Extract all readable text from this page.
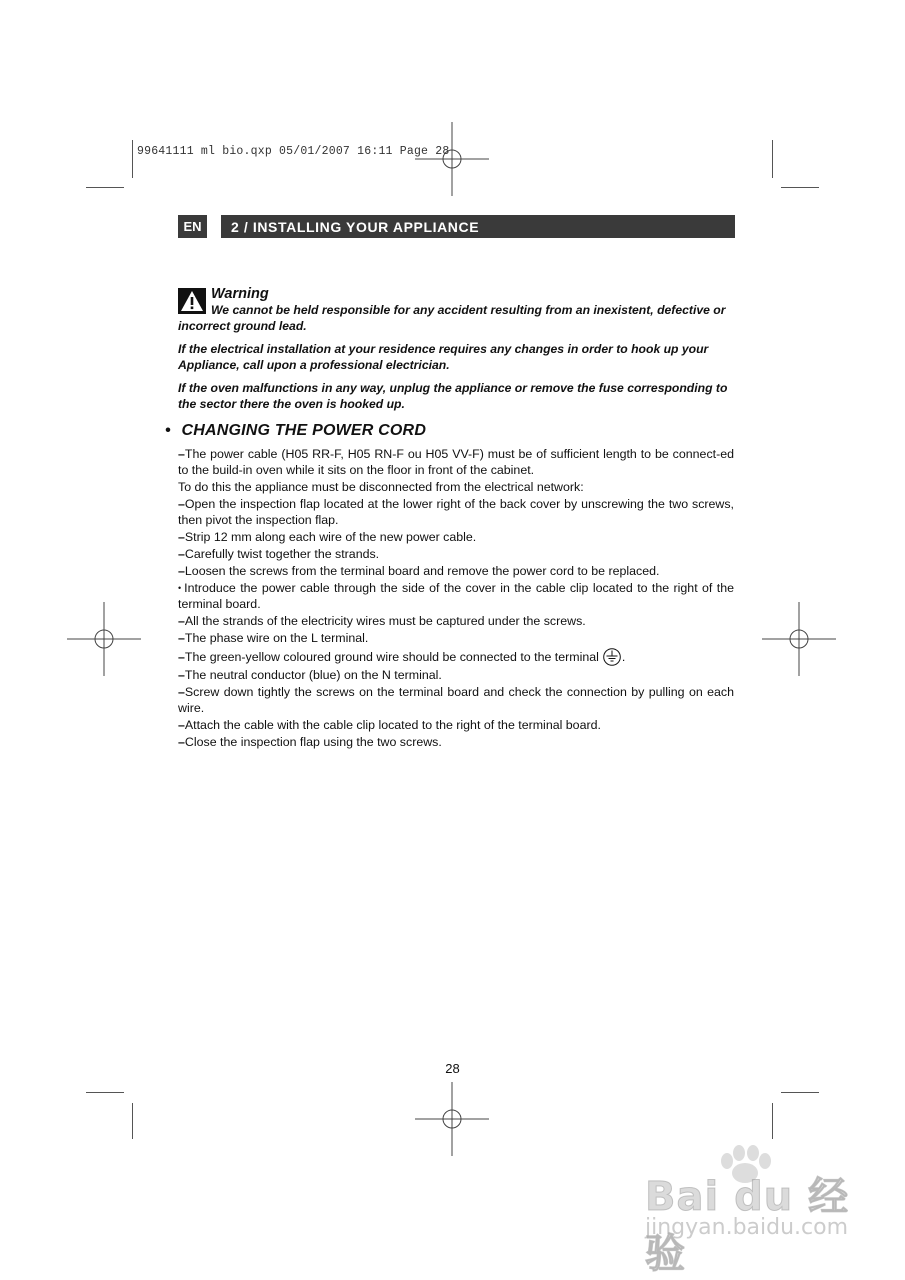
99641111 ml bio.qxp 05/01/2007 16:11 Page 28
EN	2 / INSTALLING YOUR APPLIANCE
Warning

We cannot be held responsible for any accident resulting from an inexistent, defective or incorrect ground lead.

If the electrical installation at your residence requires any changes in order to hook up your Appliance, call upon a professional electrician.

If the oven malfunctions in any way, unplug the appliance or remove the fuse corresponding to the sector there the oven is hooked up.

• CHANGING THE POWER CORD
–The power cable (H05 RR-F, H05 RN-F ou H05 VV-F) must be of sufficient length to be connect-ed to the build-in oven while it sits on the floor in front of the cabinet.
To do this the appliance must be disconnected from the electrical network:
–Open the inspection flap located at the lower right of the back cover by unscrewing the two screws, then pivot the inspection flap.
–Strip 12 mm along each wire of the new power cable.
–Carefully twist together the strands.
–Loosen the screws from the terminal board and remove the power cord to be replaced.
• Introduce the power cable through the side of the cover in the cable clip located to the right of the terminal board.
–All the strands of the electricity wires must be captured under the screws.
–The phase wire on the L terminal.
–The green-yellow coloured ground wire should be connected to the terminal .
–The neutral conductor (blue) on the N terminal.
–Screw down tightly the screws on the terminal board and check the connection by pulling on each wire.
–Attach the cable with the cable clip located to the right of the terminal board.
–Close the inspection flap using the two screws.
28
Bai du 经验
jingyan.baidu.com
